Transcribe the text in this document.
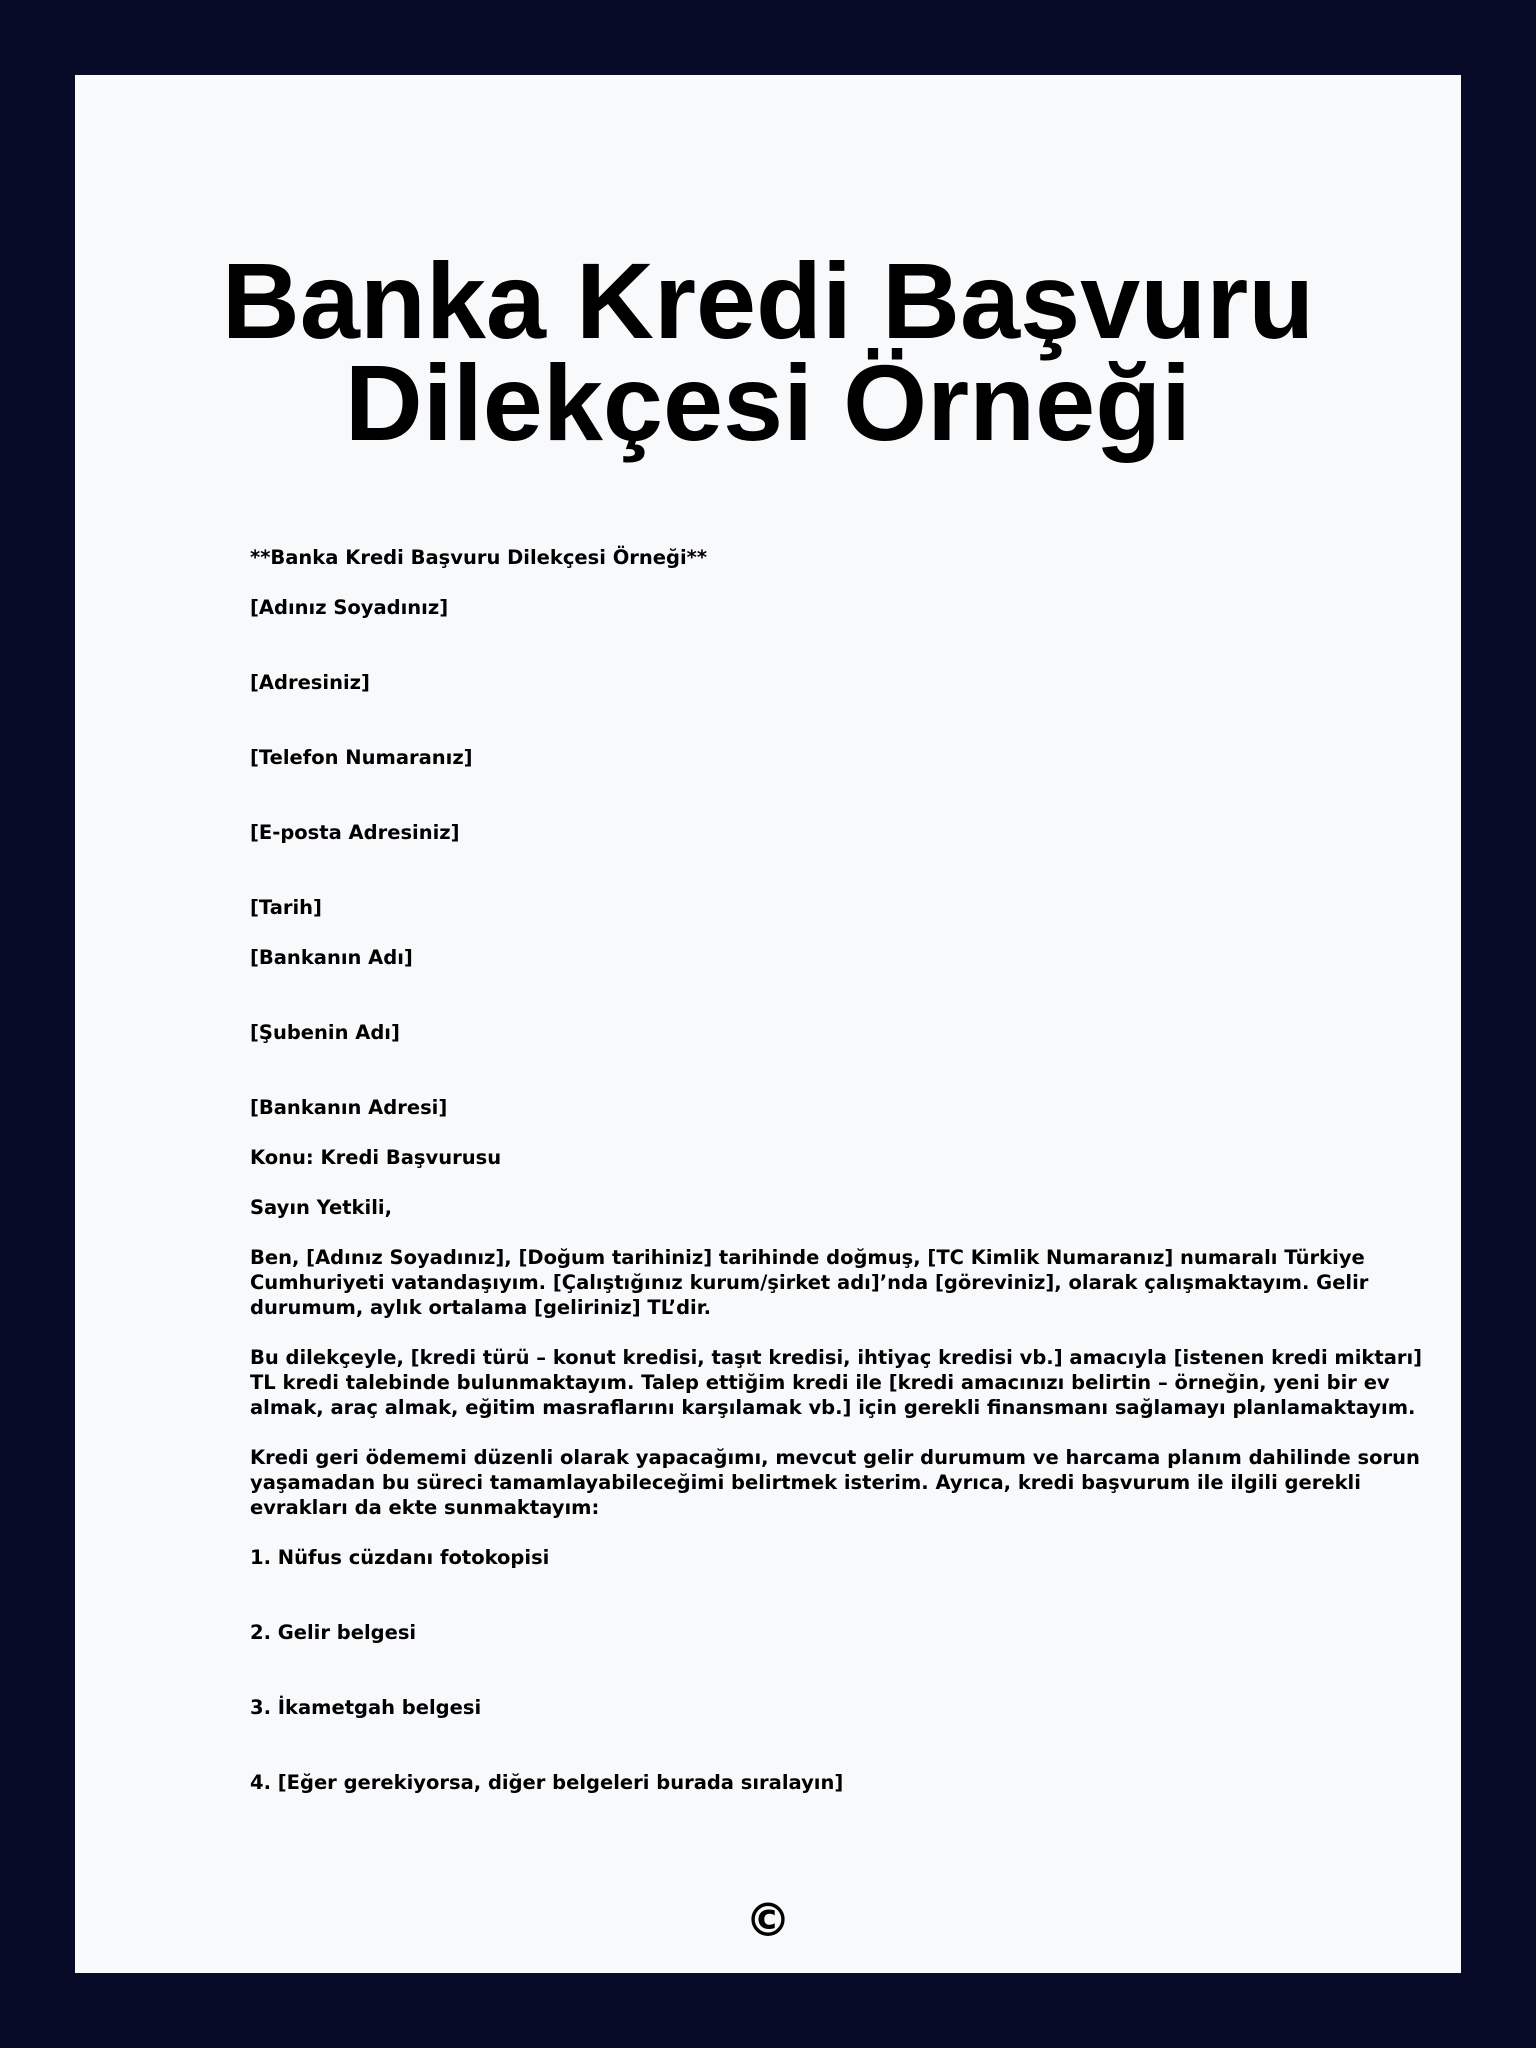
Banka Kredi Başvuru
Dilekçesi Örneği

**Banka Kredi Başvuru Dilekçesi Örneği**

[Adınız Soyadınız]

[Adresiniz]

[Telefon Numaranız]

[E-posta Adresiniz]

[Tarih]

[Bankanın Adı]

[Şubenin Adı]

[Bankanın Adresi]

Konu: Kredi Başvurusu

Sayın Yetkili,

Ben, [Adınız Soyadınız], [Doğum tarihiniz] tarihinde doğmuş, [TC Kimlik Numaranız] numaralı Türkiye
Cumhuriyeti vatandaşıyım. [Çalıştığınız kurum/şirket adı]’nda [göreviniz], olarak çalışmaktayım. Gelir
durumum, aylık ortalama [geliriniz] TL’dir.
Bu dilekçeyle, [kredi türü – konut kredisi, taşıt kredisi, ihtiyaç kredisi vb.] amacıyla [istenen kredi miktarı]
TL kredi talebinde bulunmaktayım. Talep ettiğim kredi ile [kredi amacınızı belirtin – örneğin, yeni bir ev
almak, araç almak, eğitim masraflarını karşılamak vb.] için gerekli finansmanı sağlamayı planlamaktayım.
Kredi geri ödememi düzenli olarak yapacağımı, mevcut gelir durumum ve harcama planım dahilinde sorun
yaşamadan bu süreci tamamlayabileceğimi belirtmek isterim. Ayrıca, kredi başvurum ile ilgili gerekli
evrakları da ekte sunmaktayım:

1. Nüfus cüzdanı fotokopisi

2. Gelir belgesi

3. İkametgah belgesi

4. [Eğer gerekiyorsa, diğer belgeleri burada sıralayın]

©
